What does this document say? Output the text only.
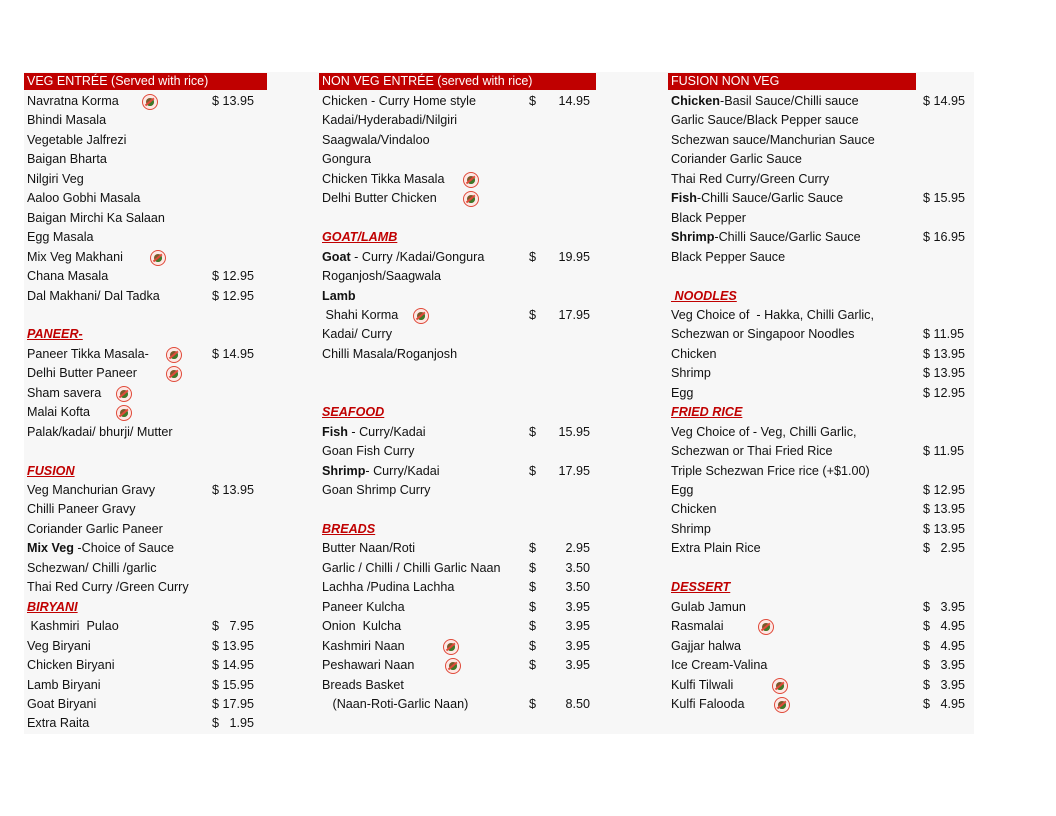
VEG ENTRÉE (Served with rice)
Navratna Korma	$ 13.95
Bhindi Masala
Vegetable Jalfrezi
Baigan Bharta
Nilgiri Veg
Aaloo Gobhi Masala
Baigan Mirchi Ka Salaan
Egg Masala
Mix Veg Makhani
Chana Masala	$ 12.95
Dal Makhani/ Dal Tadka	$ 12.95
PANEER-
Paneer Tikka Masala-	$ 14.95
Delhi Butter Paneer
Sham savera
Malai Kofta
Palak/kadai/ bhurji/ Mutter
FUSION
Veg Manchurian Gravy	$ 13.95
Chilli Paneer Gravy
Coriander Garlic Paneer
Mix Veg -Choice of Sauce
Schezwan/ Chilli /garlic
Thai Red Curry /Green Curry
BIRYANI
Kashmiri  Pulao	$   7.95
Veg Biryani	$ 13.95
Chicken Biryani	$ 14.95
Lamb Biryani	$ 15.95
Goat Biryani	$ 17.95
Extra Raita	$   1.95
NON VEG ENTRÉE (served with rice)
Chicken - Curry Home style	$	14.95
Kadai/Hyderabadi/Nilgiri
Saagwala/Vindaloo
Gongura
Chicken Tikka Masala
Delhi Butter Chicken
GOAT/LAMB
Goat - Curry /Kadai/Gongura	$	19.95
Roganjosh/Saagwala
Lamb
Shahi Korma	$	17.95
Kadai/ Curry
Chilli Masala/Roganjosh
SEAFOOD
Fish - Curry/Kadai	$	15.95
Goan Fish Curry
Shrimp- Curry/Kadai	$	17.95
Goan Shrimp Curry
BREADS
Butter Naan/Roti	$	2.95
Garlic / Chilli / Chilli Garlic Naan $	3.50
Lachha /Pudina Lachha	$	3.50
Paneer Kulcha	$	3.95
Onion  Kulcha	$	3.95
Kashmiri Naan	$	3.95
Peshawari Naan	$	3.95
Breads Basket
(Naan-Roti-Garlic Naan)	$	8.50
FUSION NON VEG
Chicken-Basil Sauce/Chilli sauce	$ 14.95
Garlic Sauce/Black Pepper sauce
Schezwan sauce/Manchurian Sauce
Coriander Garlic Sauce
Thai Red Curry/Green Curry
Fish-Chilli Sauce/Garlic Sauce	$ 15.95
Black Pepper
Shrimp-Chilli Sauce/Garlic Sauce	$ 16.95
Black Pepper Sauce
NOODLES
Veg Choice of  - Hakka, Chilli Garlic,
Schezwan or Singapoor Noodles	$ 11.95
Chicken	$ 13.95
Shrimp	$ 13.95
Egg	$ 12.95
FRIED RICE
Veg Choice of - Veg, Chilli Garlic,
Schezwan or Thai Fried Rice	$ 11.95
Triple Schezwan Frice rice (+$1.00)
Egg	$ 12.95
Chicken	$ 13.95
Shrimp	$ 13.95
Extra Plain Rice	$   2.95
DESSERT
Gulab Jamun	$   3.95
Rasmalai	$   4.95
Gajjar halwa	$   4.95
Ice Cream-Valina	$   3.95
Kulfi Tilwali	$   3.95
Kulfi Falooda	$   4.95
